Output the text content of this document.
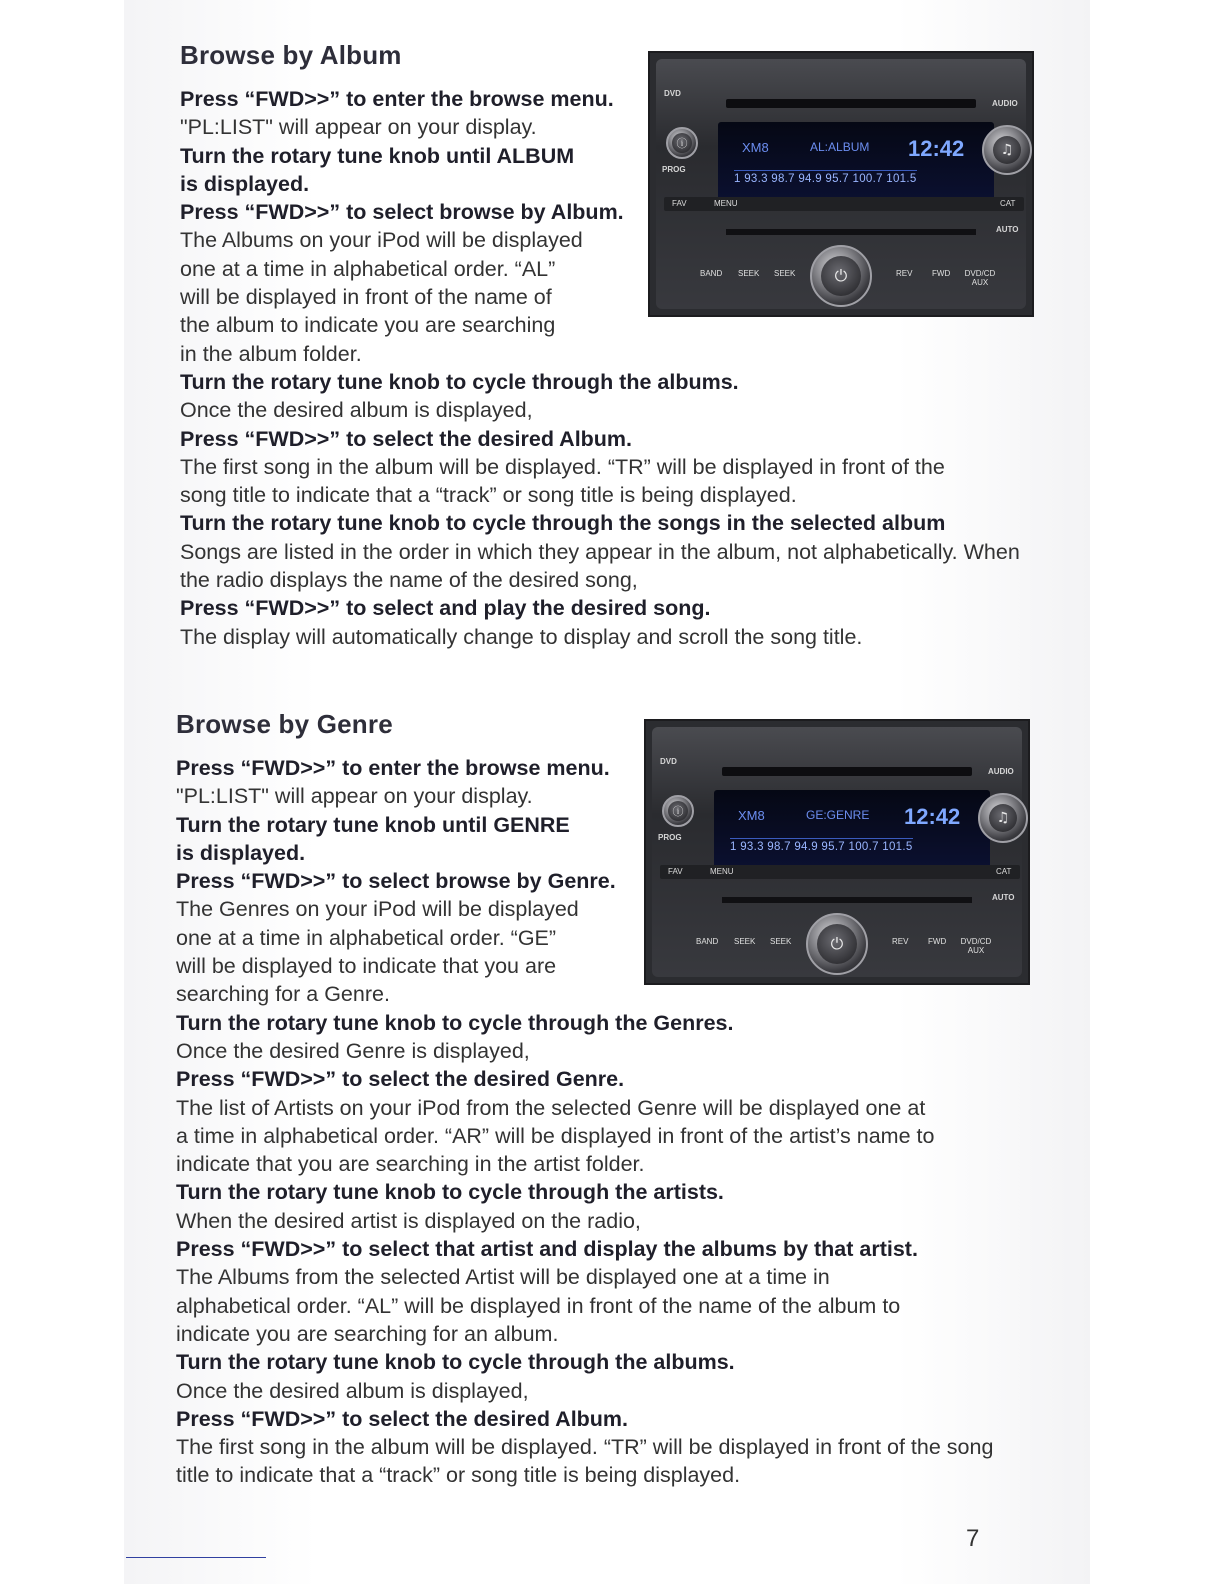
Browse by Album
Press “FWD>>” to enter the browse menu.
"PL:LIST" will appear on your display.
Turn the rotary tune knob until ALBUM
is displayed.
Press “FWD>>” to select browse by Album.
The Albums on your iPod will be displayed
one at a time in alphabetical order. “AL”
will be displayed in front of the name of
the album to indicate you are searching
in the album folder.
Turn the rotary tune knob to cycle through the albums.
Once the desired album is displayed,
Press “FWD>>” to select the desired Album.
The first song in the album will be displayed. “TR” will be displayed in front of the
song title to indicate that a “track” or song title is being displayed.
Turn the rotary tune knob to cycle through the songs in the selected album
Songs are listed in the order in which they appear in the album, not alphabetically. When
the radio displays the name of the desired song,
Press “FWD>>” to select and play the desired song.
The display will automatically change to display and scroll the song title.
DVD
AUDIO
ⓘ
PROG
XM8	AL:ALBUM 12:42
1 93.3 98.7 94.9 95.7 100.7 101.5
♫
FAV	MENU	CAT
AUTO
⏻
BAND SEEK SEEK	REV FWD	DVD/CD AUX
Browse by Genre
Press “FWD>>” to enter the browse menu.
"PL:LIST" will appear on your display.
Turn the rotary tune knob until GENRE
is displayed.
Press “FWD>>” to select browse by Genre.
The Genres on your iPod will be displayed
one at a time in alphabetical order. “GE”
will be displayed to indicate that you are
searching for a Genre.
Turn the rotary tune knob to cycle through the Genres.
Once the desired Genre is displayed,
Press “FWD>>” to select the desired Genre.
The list of Artists on your iPod from the selected Genre will be displayed one at
a time in alphabetical order. “AR” will be displayed in front of the artist’s name to
indicate that you are searching in the artist folder.
Turn the rotary tune knob to cycle through the artists.
When the desired artist is displayed on the radio,
Press “FWD>>” to select that artist and display the albums by that artist.
The Albums from the selected Artist will be displayed one at a time in
alphabetical order. “AL” will be displayed in front of the name of the album to
indicate you are searching for an album.
Turn the rotary tune knob to cycle through the albums.
Once the desired album is displayed,
Press “FWD>>” to select the desired Album.
The first song in the album will be displayed. “TR” will be displayed in front of the song
title to indicate that a “track” or song title is being displayed.
DVD
AUDIO
ⓘ
PROG
XM8	GE:GENRE 12:42
1 93.3 98.7 94.9 95.7 100.7 101.5
♫
FAV	MENU	CAT
AUTO
⏻
BAND SEEK SEEK	REV FWD	DVD/CD AUX
7
